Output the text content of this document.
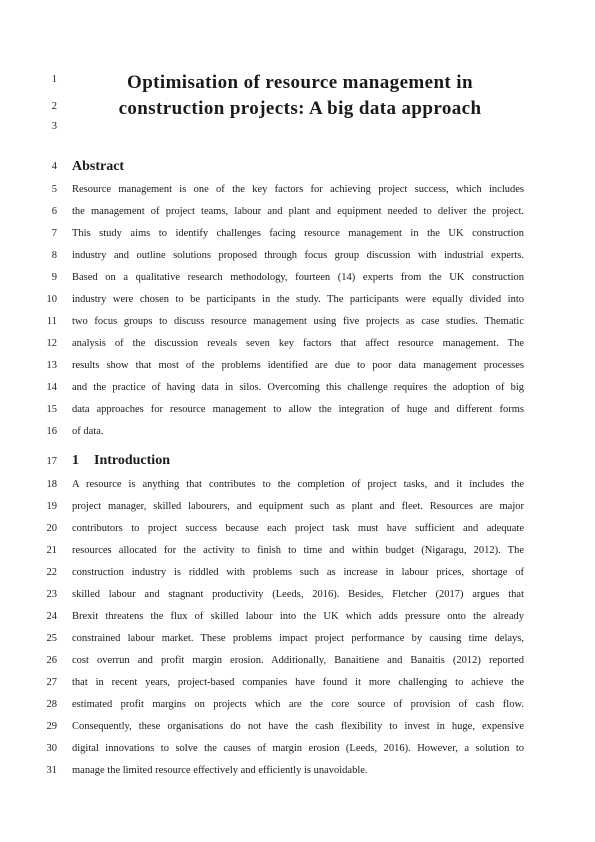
Optimisation of resource management in
construction projects: A big data approach
Abstract
1 Introduction
1
2
3
4
5
6
7
8
9
10
11
12
13
14
15
16
17
18
19
20
21
22
23
24
25
26
27
28
29
30
31
Resource management is one of the key factors for achieving project success, which includes
the management of project teams, labour and plant and equipment needed to deliver the project.
This study aims to identify challenges facing resource management in the UK construction
industry and outline solutions proposed through focus group discussion with industrial experts.
Based on a qualitative research methodology, fourteen (14) experts from the UK construction
industry were chosen to be participants in the study. The participants were equally divided into
two focus groups to discuss resource management using five projects as case studies. Thematic
analysis of the discussion reveals seven key factors that affect resource management. The
results show that most of the problems identified are due to poor data management processes
and the practice of having data in silos. Overcoming this challenge requires the adoption of big
data approaches for resource management to allow the integration of huge and different forms
of data.
A resource is anything that contributes to the completion of project tasks, and it includes the
project manager, skilled labourers, and equipment such as plant and fleet. Resources are major
contributors to project success because each project task must have sufficient and adequate
resources allocated for the activity to finish to time and within budget (Nigaragu, 2012). The
construction industry is riddled with problems such as increase in labour prices, shortage of
skilled labour and stagnant productivity (Leeds, 2016). Besides, Fletcher (2017) argues that
Brexit threatens the flux of skilled labour into the UK which adds pressure onto the already
constrained labour market. These problems impact project performance by causing time delays,
cost overrun and profit margin erosion. Additionally, Banaitiene and Banaitis (2012) reported
that in recent years, project-based companies have found it more challenging to achieve the
estimated profit margins on projects which are the core source of provision of cash flow.
Consequently, these organisations do not have the cash flexibility to invest in huge, expensive
digital innovations to solve the causes of margin erosion (Leeds, 2016). However, a solution to
manage the limited resource effectively and efficiently is unavoidable.
